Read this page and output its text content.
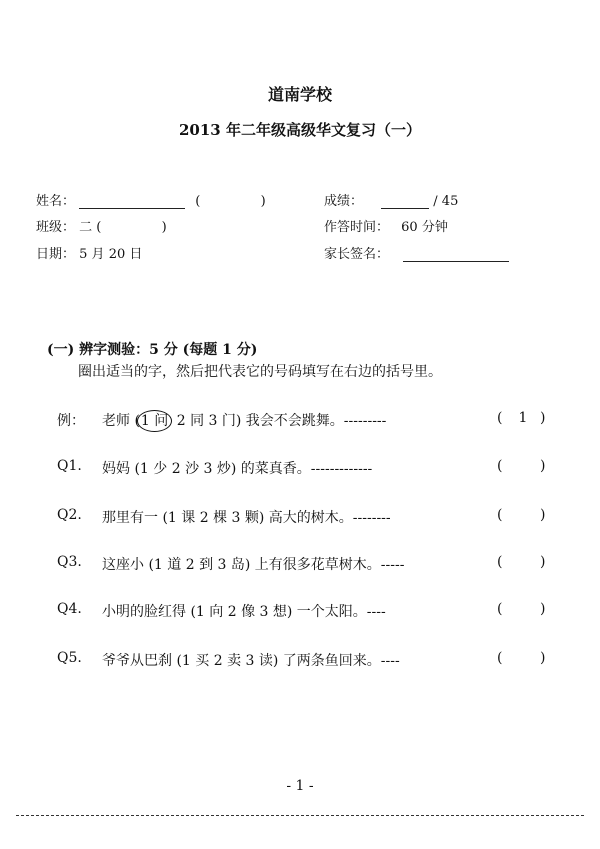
道南学校
2013 年二年级高级华文复习（一）
姓名：	(	)	成绩：	/ 45
班级： 二 (	)	作答时间： 60 分钟
日期： 5 月 20 日	家长签名：
(一) 辨字测验：5 分 (每题 1 分)
圈出适当的字，然后把代表它的号码填写在右边的括号里。
例： 老师 (1 问 2 同 3 门) 我会不会跳舞。---------	(	1 )
Q1. 妈妈 (1 少 2 沙 3 炒) 的菜真香。-------------	(	)
Q2. 那里有一 (1 课 2 棵 3 颗) 高大的树木。--------	(	)
Q3. 这座小 (1 道 2 到 3 岛) 上有很多花草树木。-----	(	)
Q4. 小明的脸红得 (1 向 2 像 3 想) 一个太阳。----	(	)
Q5. 爷爷从巴刹 (1 买 2 卖 3 读) 了两条鱼回来。----	(	)
- 1 -
